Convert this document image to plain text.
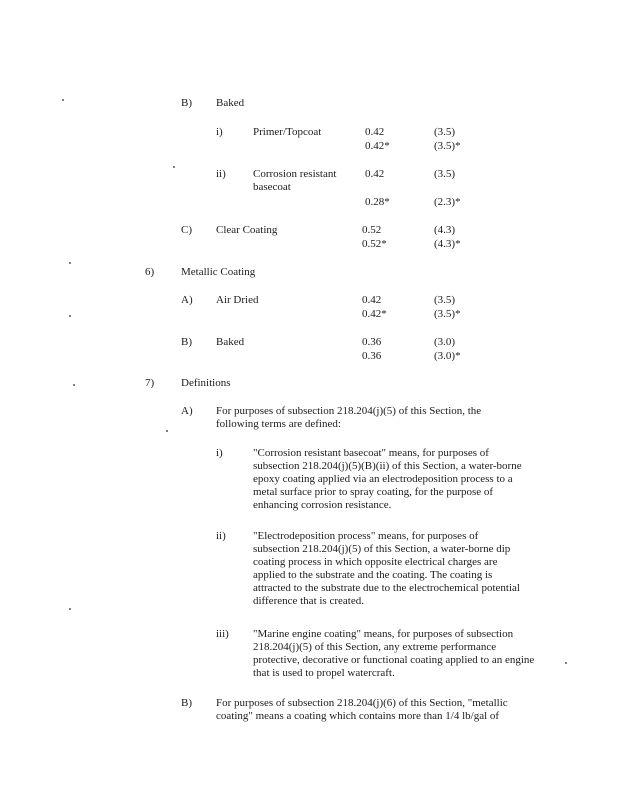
B) Baked
i)	Primer/Topcoat	0.42	(3.5)
0.42*	(3.5)*
ii) Corrosion resistant
basecoat
0.42	(3.5)
0.28*	(2.3)*
C) Clear Coating	0.52	(4.3)
0.52*	(4.3)*
6) Metallic Coating
A) Air Dried	0.42	(3.5)
0.42*	(3.5)*
B) Baked	0.36	(3.0)
0.36	(3.0)*
7) Definitions
A) For purposes of subsection 218.204(j)(5) of this Section, the following terms are defined:
i)	"Corrosion resistant basecoat" means, for purposes of subsection 218.204(j)(5)(B)(ii) of this Section, a water-borne epoxy coating applied via an electrodeposition process to a metal surface prior to spray coating, for the purpose of enhancing corrosion resistance.
ii) "Electrodeposition process" means, for purposes of subsection 218.204(j)(5) of this Section, a water-borne dip coating process in which opposite electrical charges are applied to the substrate and the coating. The coating is attracted to the substrate due to the electrochemical potential difference that is created.
iii) "Marine engine coating" means, for purposes of subsection 218.204(j)(5) of this Section, any extreme performance protective, decorative or functional coating applied to an engine that is used to propel watercraft.
B) For purposes of subsection 218.204(j)(6) of this Section, "metallic coating" means a coating which contains more than 1/4 lb/gal of
